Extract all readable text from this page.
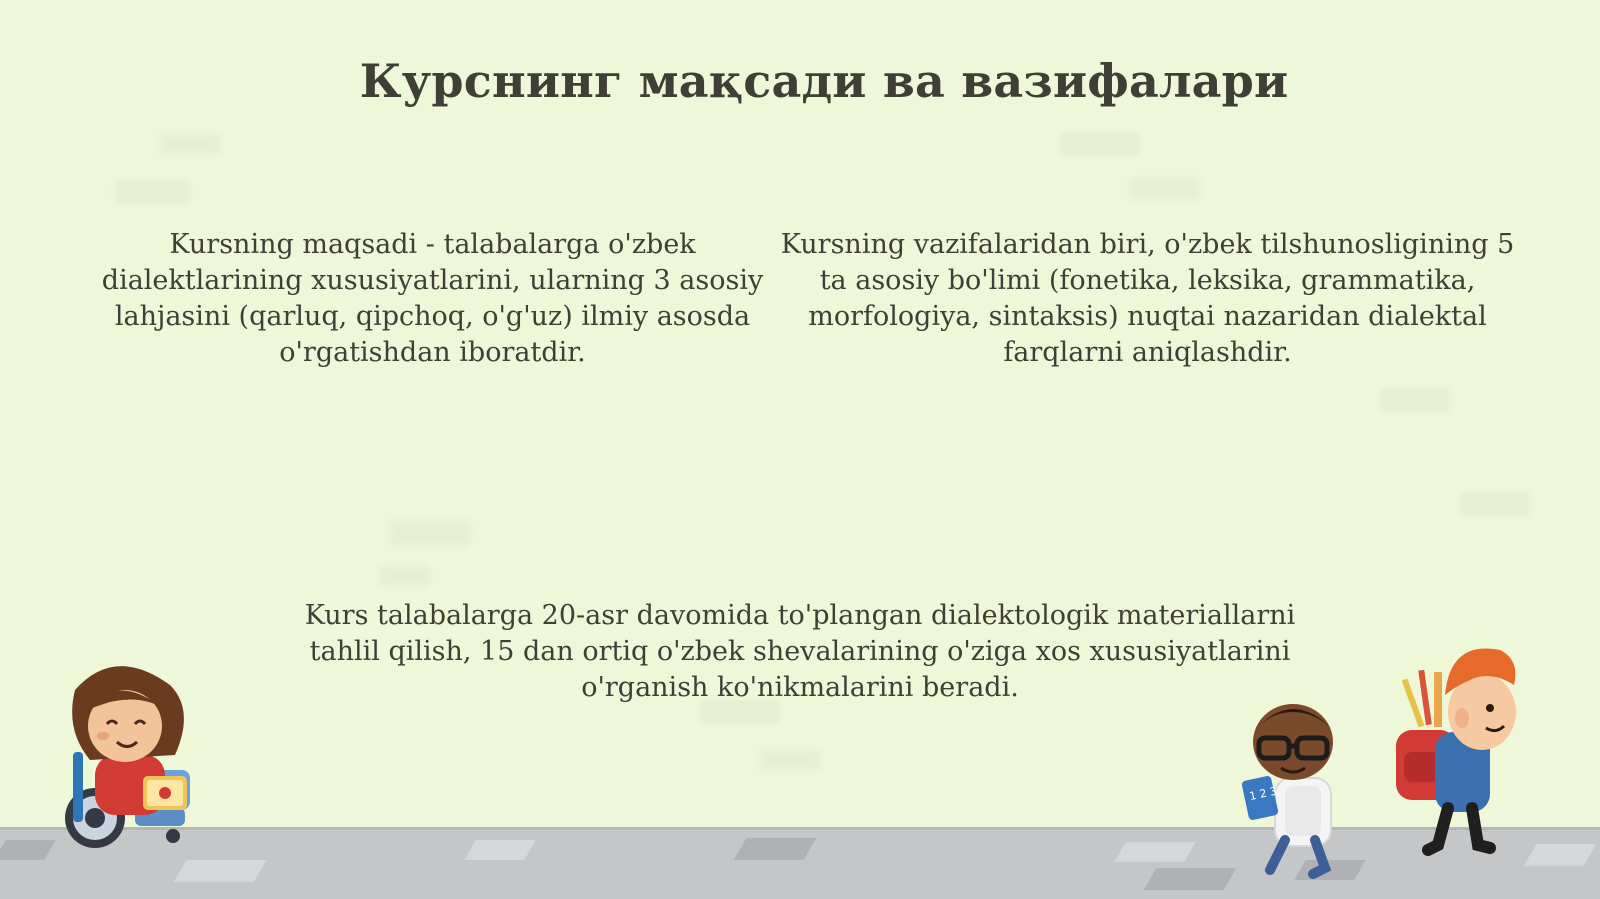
Курснинг мақсади ва вазифалари

Kursning maqsadi - talabalarga o'zbek dialektlarining xususiyatlarini, ularning 3 asosiy lahjasini (qarluq, qipchoq, o'g'uz) ilmiy asosda o'rgatishdan iboratdir.

Kursning vazifalaridan biri, o'zbek tilshunosligining 5 ta asosiy bo'limi (fonetika, leksika, grammatika, morfologiya, sintaksis) nuqtai nazaridan dialektal farqlarni aniqlashdir.

Kurs talabalarga 20-asr davomida to'plangan dialektologik materiallarni tahlil qilish, 15 dan ortiq o'zbek shevalarining o'ziga xos xususiyatlarini o'rganish ko'nikmalarini beradi.

1 2 3
